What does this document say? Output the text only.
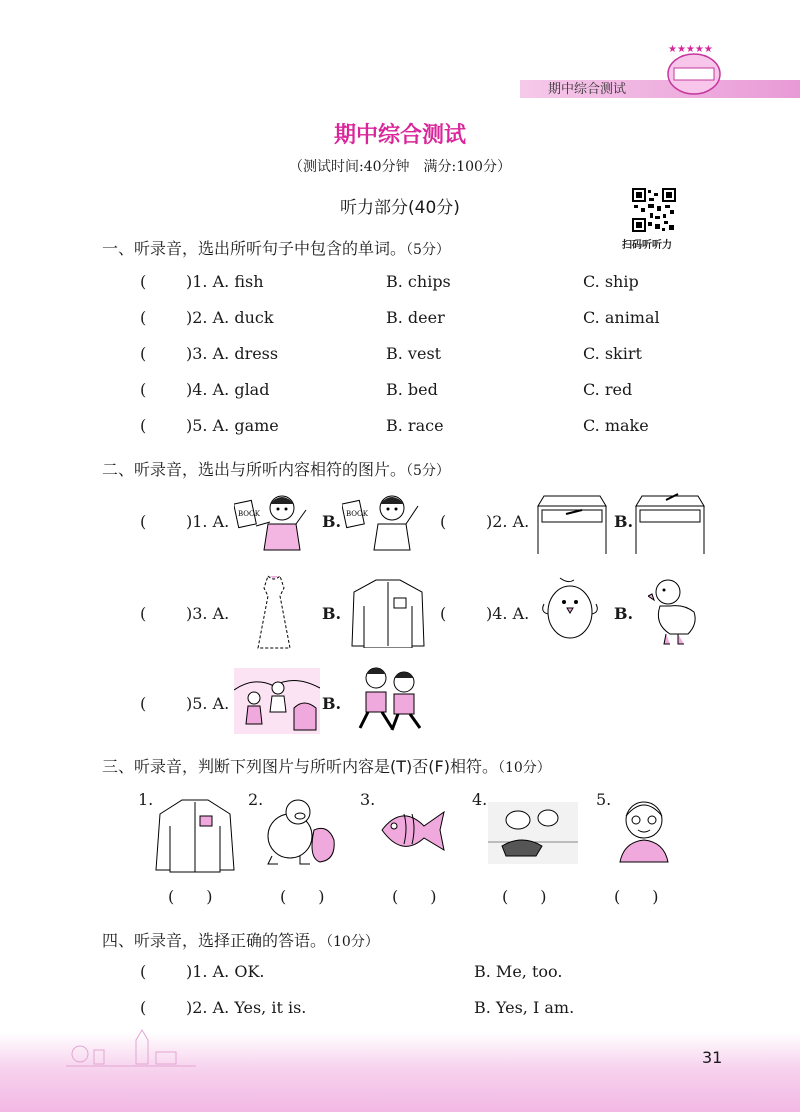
期中综合测试
★★★★★
期中综合测试
（测试时间:40分钟　满分:100分）
听力部分(40分)
扫码听听力
一、听录音，选出所听句子中包含的单词。（5分）
( )1. A. fish	B. chips	C. ship
( )2. A. duck	B. deer	C. animal
( )3. A. dress	B. vest	C. skirt
( )4. A. glad	B. bed	C. red
( )5. A. game	B. race	C. make
二、听录音，选出与所听内容相符的图片。（5分）
( )1. A. BOOK	B. BOOK	( )2. A.	B.
( )3. A.	B.	( )4. A.	B.
( )5. A.	B.
三、听录音，判断下列图片与所听内容是(T)否(F)相符。（10分）
1.	2.	3.	4.	5.
(　　)	(　　)	(　　)	(　　)	(　　)
四、听录音，选择正确的答语。（10分）
( )1. A. OK.	B. Me, too.
( )2. A. Yes, it is.	B. Yes, I am.
31
